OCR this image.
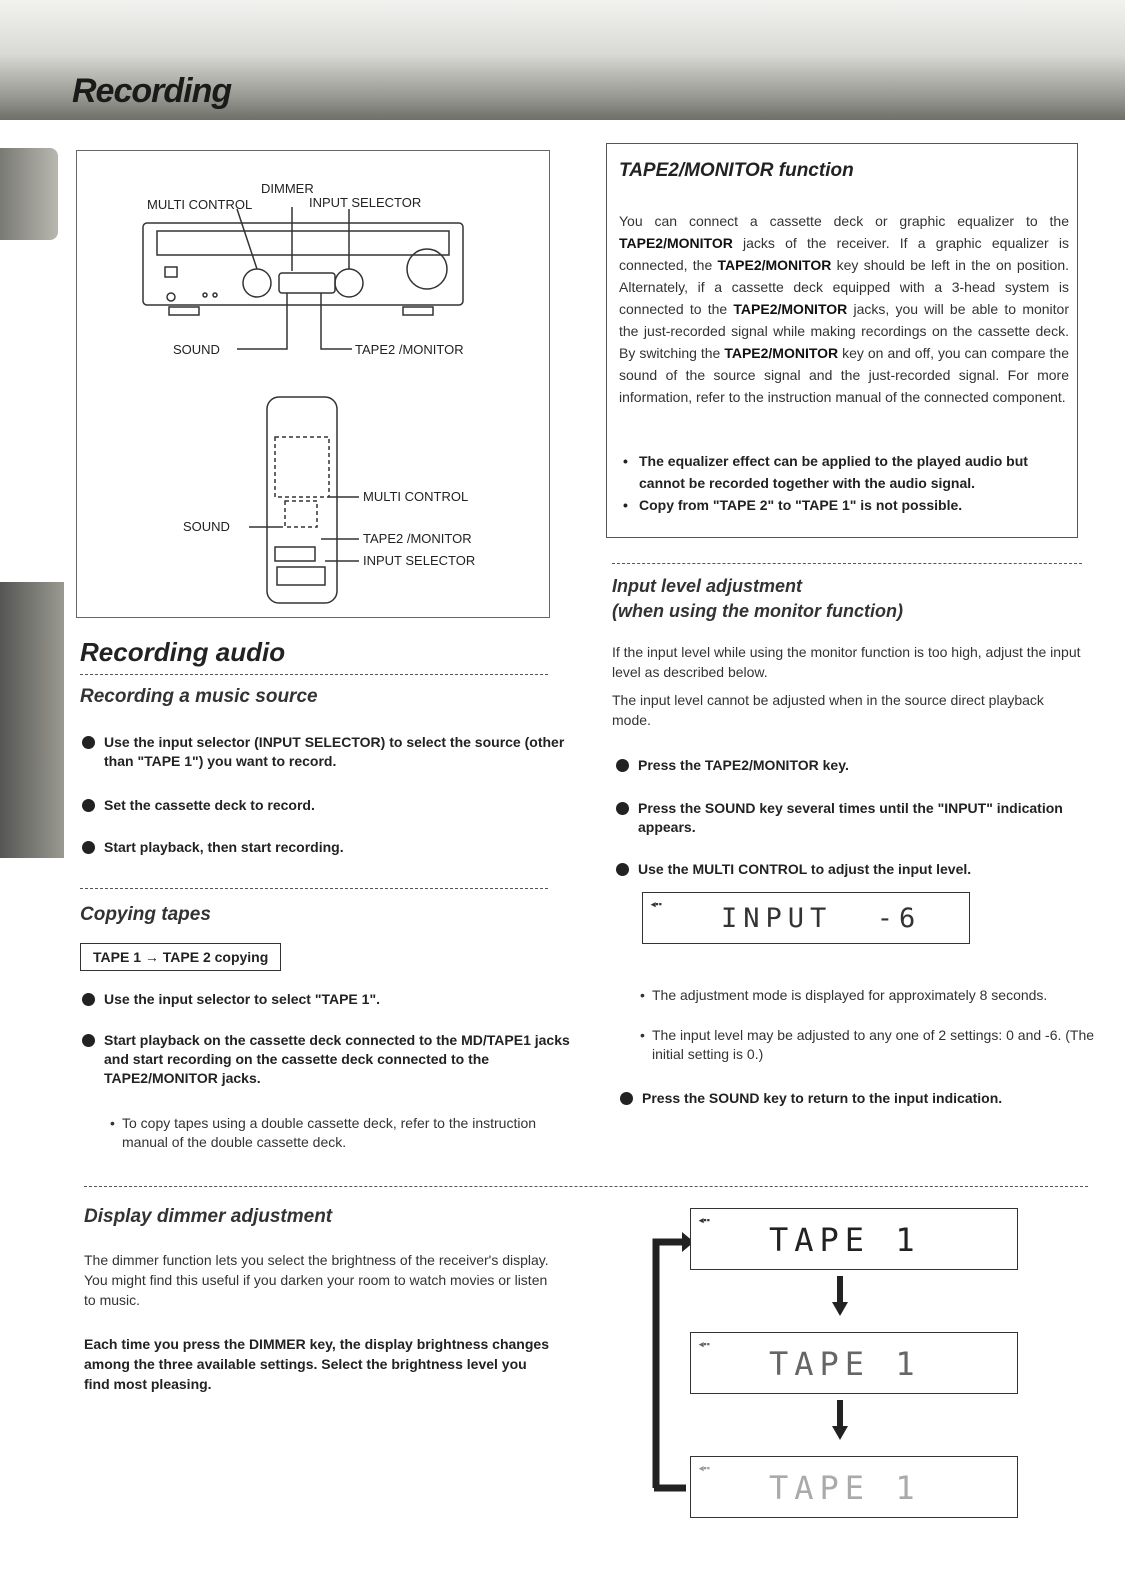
Recording
DIMMER
MULTI CONTROL	INPUT SELECTOR
SOUND	TAPE2 /MONITOR
MULTI CONTROL
SOUND
TAPE2 /MONITOR
INPUT SELECTOR
Recording audio
Recording a music source
Use the input selector (INPUT SELECTOR) to select the source (other than "TAPE 1") you want to record.
Set the cassette deck to record.
Start playback, then start recording.
Copying tapes
TAPE 1 → TAPE 2 copying
Use the input selector to select "TAPE 1".
Start playback on the cassette deck connected to the MD/TAPE1 jacks and start recording on the cassette deck connected to the TAPE2/MONITOR jacks.
• To copy tapes using a double cassette deck, refer to the instruction manual of the double cassette deck.
TAPE2/MONITOR function
You can connect a cassette deck or graphic equalizer to the TAPE2/MONITOR jacks of the receiver. If a graphic equalizer is connected, the TAPE2/MONITOR key should be left in the on position. Alternately, if a cassette deck equipped with a 3-head system is connected to the TAPE2/MONITOR jacks, you will be able to monitor the just-recorded signal while making recordings on the cassette deck. By switching the TAPE2/MONITOR key on and off, you can compare the sound of the source signal and the just-recorded signal. For more information, refer to the instruction manual of the connected component.
• The equalizer effect can be applied to the played audio but cannot be recorded together with the audio signal.
• Copy from "TAPE 2" to "TAPE 1" is not possible.
Input level adjustment
(when using the monitor function)
If the input level while using the monitor function is too high, adjust the input level as described below.
The input level cannot be adjusted when in the source direct playback mode.
Press the TAPE2/MONITOR key.
Press the SOUND key several times until the "INPUT" indication appears.
Use the MULTI CONTROL to adjust the input level.
◂▪▪ INPUT  -6
• The adjustment mode is displayed for approximately 8 seconds.
• The input level may be adjusted to any one of 2 settings: 0 and -6. (The initial setting is 0.)
Press the SOUND key to return to the input indication.
Display dimmer adjustment
The dimmer function lets you select the brightness of the receiver's display. You might find this useful if you darken your room to watch movies or listen to music.
Each time you press the DIMMER key, the display brightness changes among the three available settings. Select the brightness level you find most pleasing.
◂▪▪
TAPE 1
◂▪▪
TAPE 1
◂▪▪
TAPE 1
